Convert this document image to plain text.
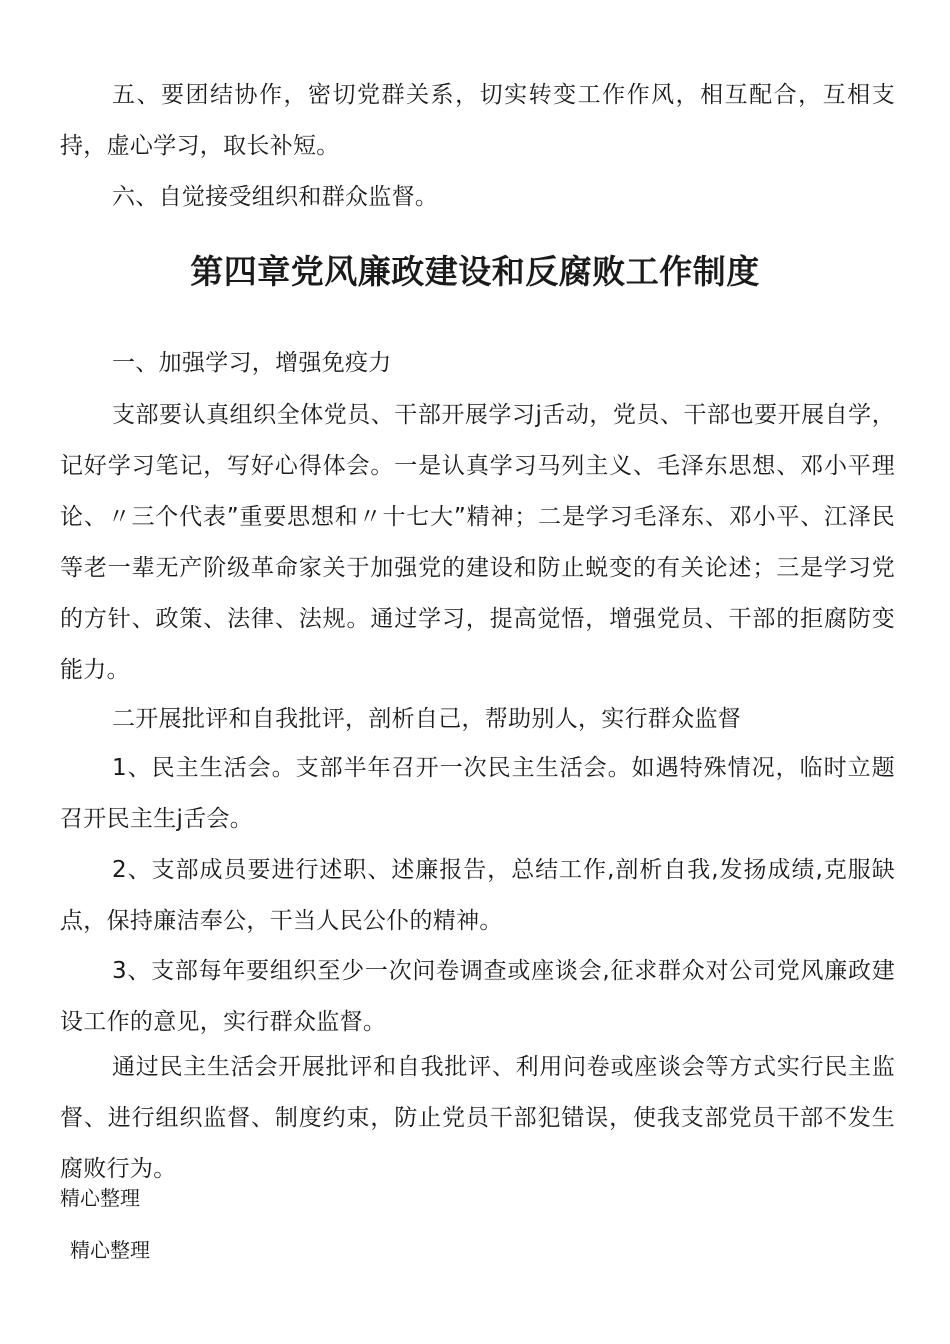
五、要团结协作，密切党群关系，切实转变工作作风，相互配合，互相支持，虚心学习，取长补短。

六、自觉接受组织和群众监督。

第四章党风廉政建设和反腐败工作制度

一、加强学习，增强免疫力

支部要认真组织全体党员、干部开展学习j舌动，党员、干部也要开展自学，记好学习笔记，写好心得体会。一是认真学习马列主义、毛泽东思想、邓小平理论、〃三个代表”重要思想和〃十七大”精神；二是学习毛泽东、邓小平、江泽民等老一辈无产阶级革命家关于加强党的建设和防止蜕变的有关论述；三是学习党的方针、政策、法律、法规。通过学习，提高觉悟，增强党员、干部的拒腐防变能力。

二开展批评和自我批评，剖析自己，帮助别人，实行群众监督

1、民主生活会。支部半年召开一次民主生活会。如遇特殊情况，临时立题召开民主生j舌会。

2、支部成员要进行述职、述廉报告，总结工作,剖析自我,发扬成绩,克服缺点，保持廉洁奉公，干当人民公仆的精神。

3、支部每年要组织至少一次问卷调查或座谈会,征求群众对公司党风廉政建设工作的意见，实行群众监督。

通过民主生活会开展批评和自我批评、利用问卷或座谈会等方式实行民主监督、进行组织监督、制度约束，防止党员干部犯错误，使我支部党员干部不发生腐败行为。

精心整理

精心整理
